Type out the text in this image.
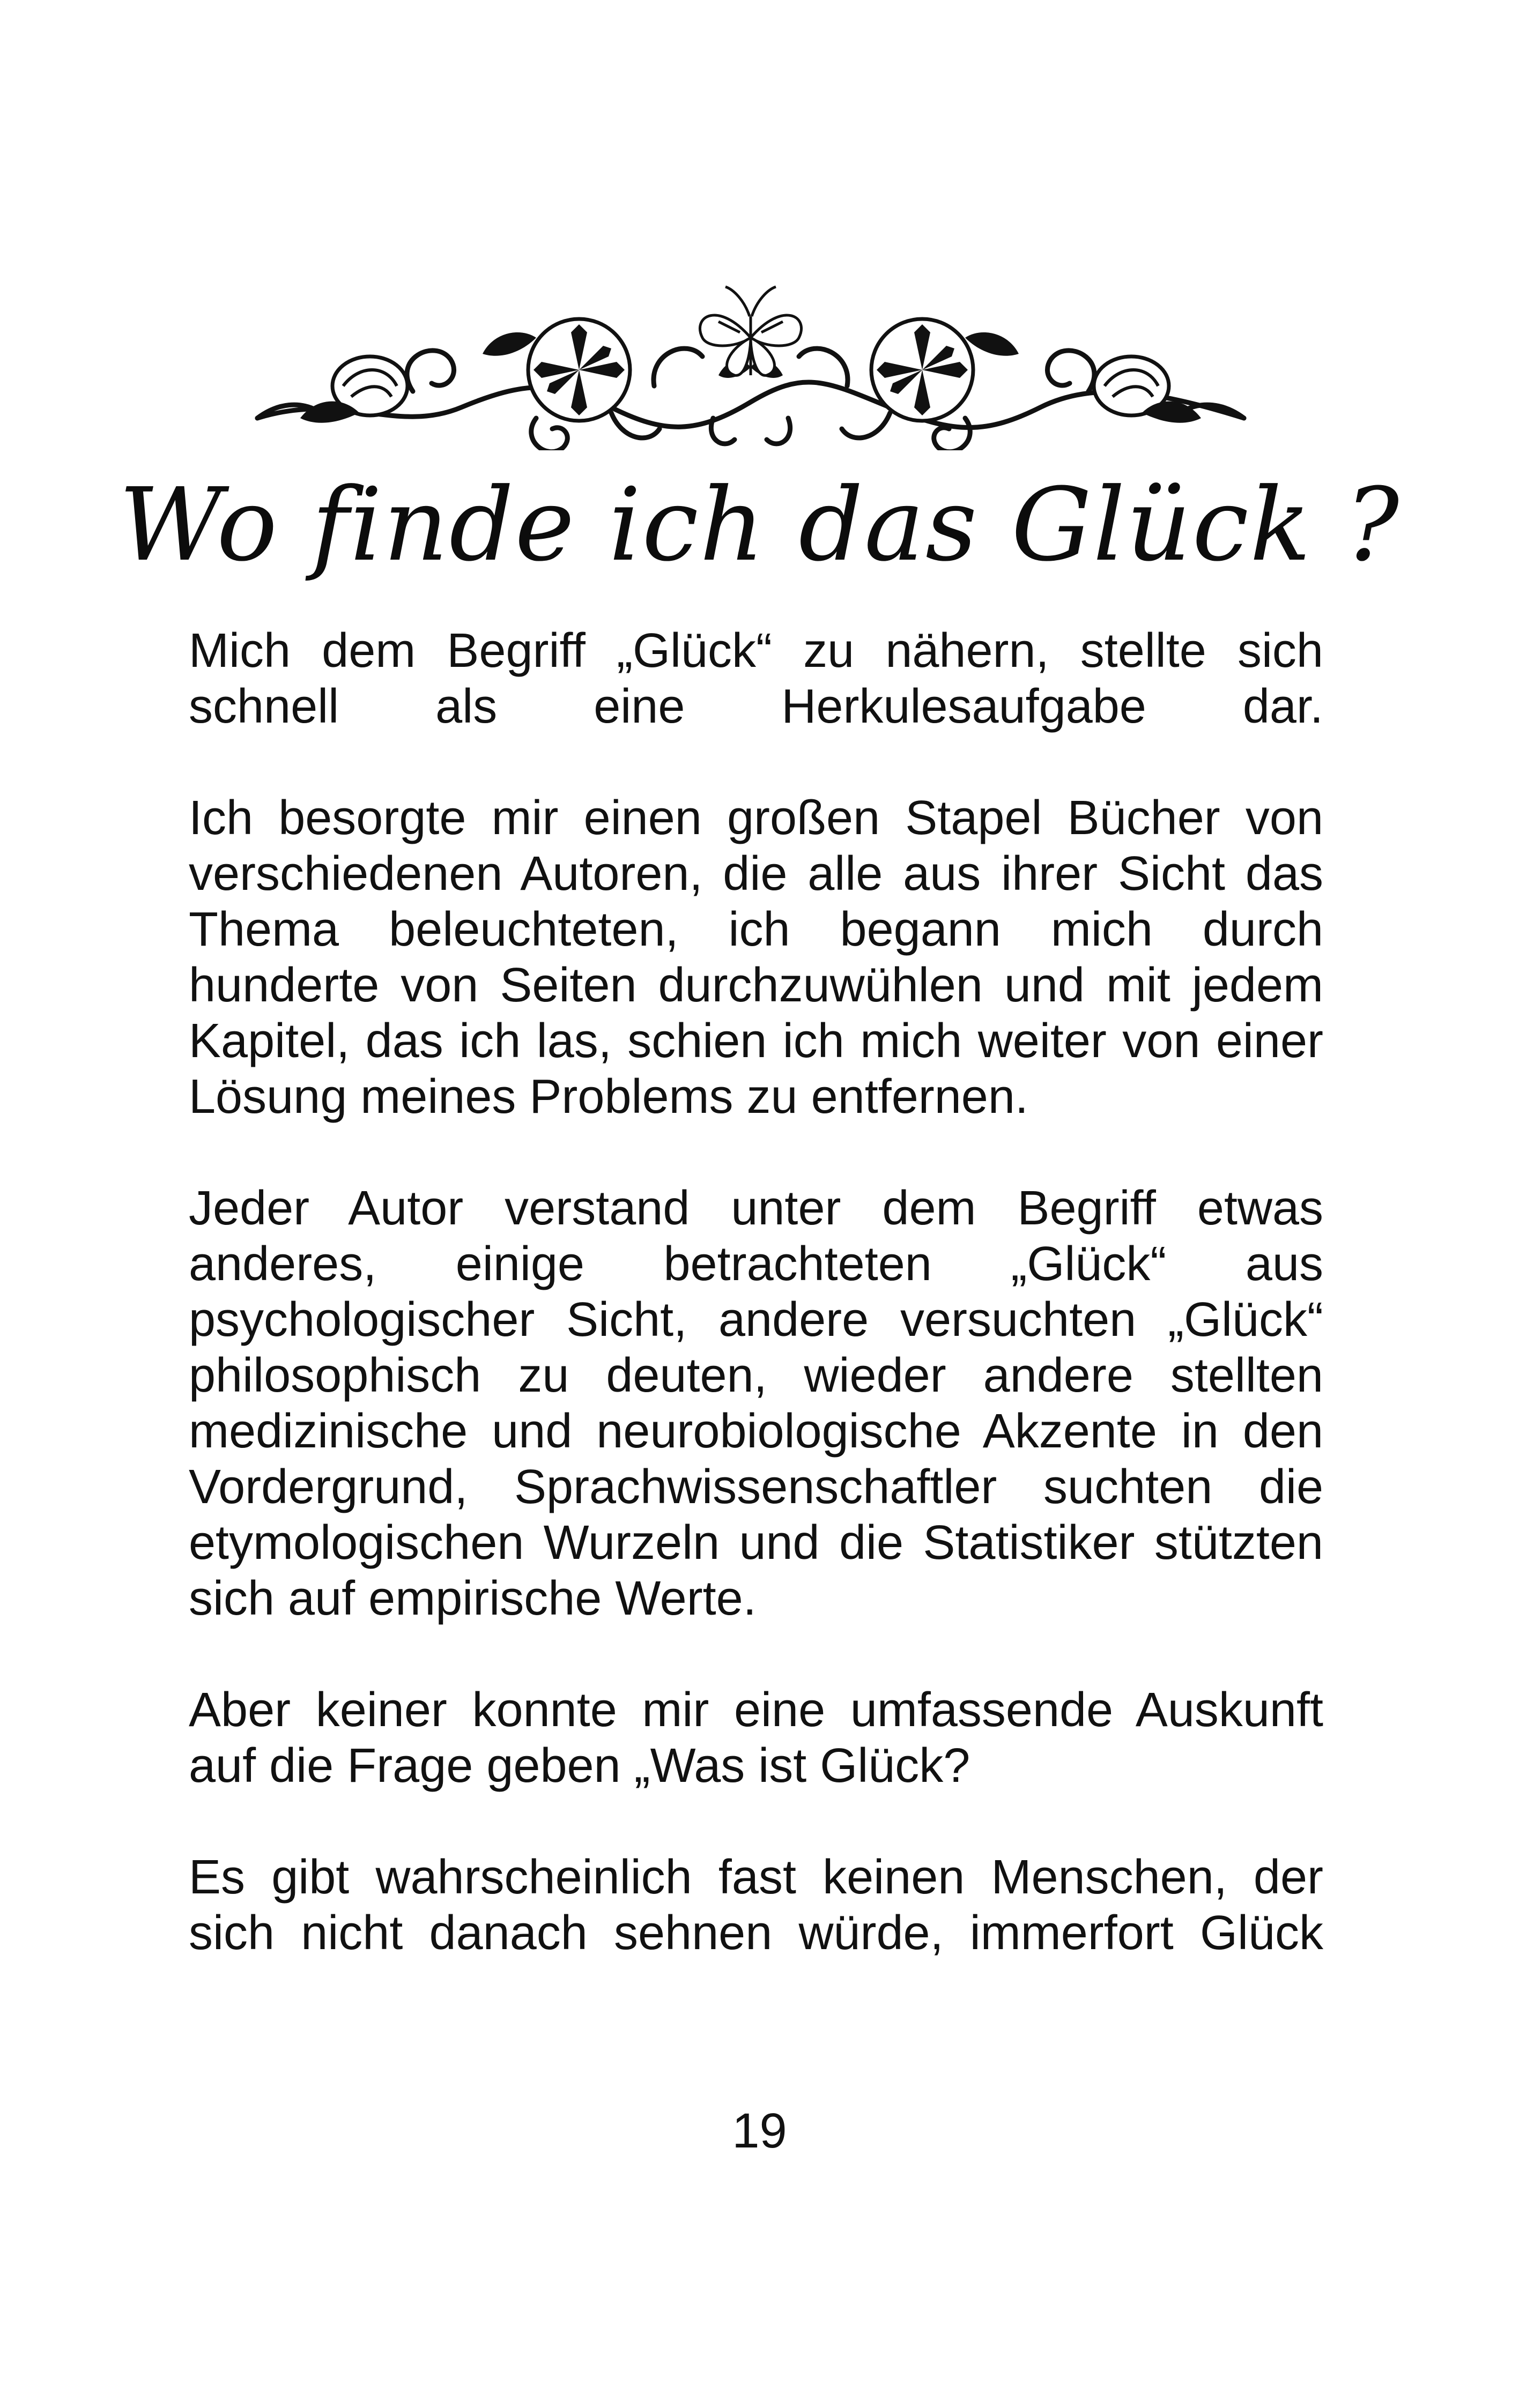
Wo finde ich das Glück ?
Mich dem Begriff „Glück“ zu nähern, stellte sich
schnell als eine Herkulesaufgabe dar.
Ich besorgte mir einen großen Stapel Bücher von
verschiedenen Autoren, die alle aus ihrer Sicht das
Thema beleuchteten, ich begann mich durch
hunderte von Seiten durchzuwühlen und mit jedem
Kapitel, das ich las, schien ich mich weiter von einer
Lösung meines Problems zu entfernen.
Jeder Autor verstand unter dem Begriff etwas
anderes, einige betrachteten „Glück“ aus
psychologischer Sicht, andere versuchten „Glück“
philosophisch zu deuten, wieder andere stellten
medizinische und neurobiologische Akzente in den
Vordergrund, Sprachwissenschaftler suchten die
etymologischen Wurzeln und die Statistiker stützten
sich auf empirische Werte.
Aber keiner konnte mir eine umfassende Auskunft
auf die Frage geben „Was ist Glück?
Es gibt wahrscheinlich fast keinen Menschen, der
sich nicht danach sehnen würde, immerfort Glück
19
